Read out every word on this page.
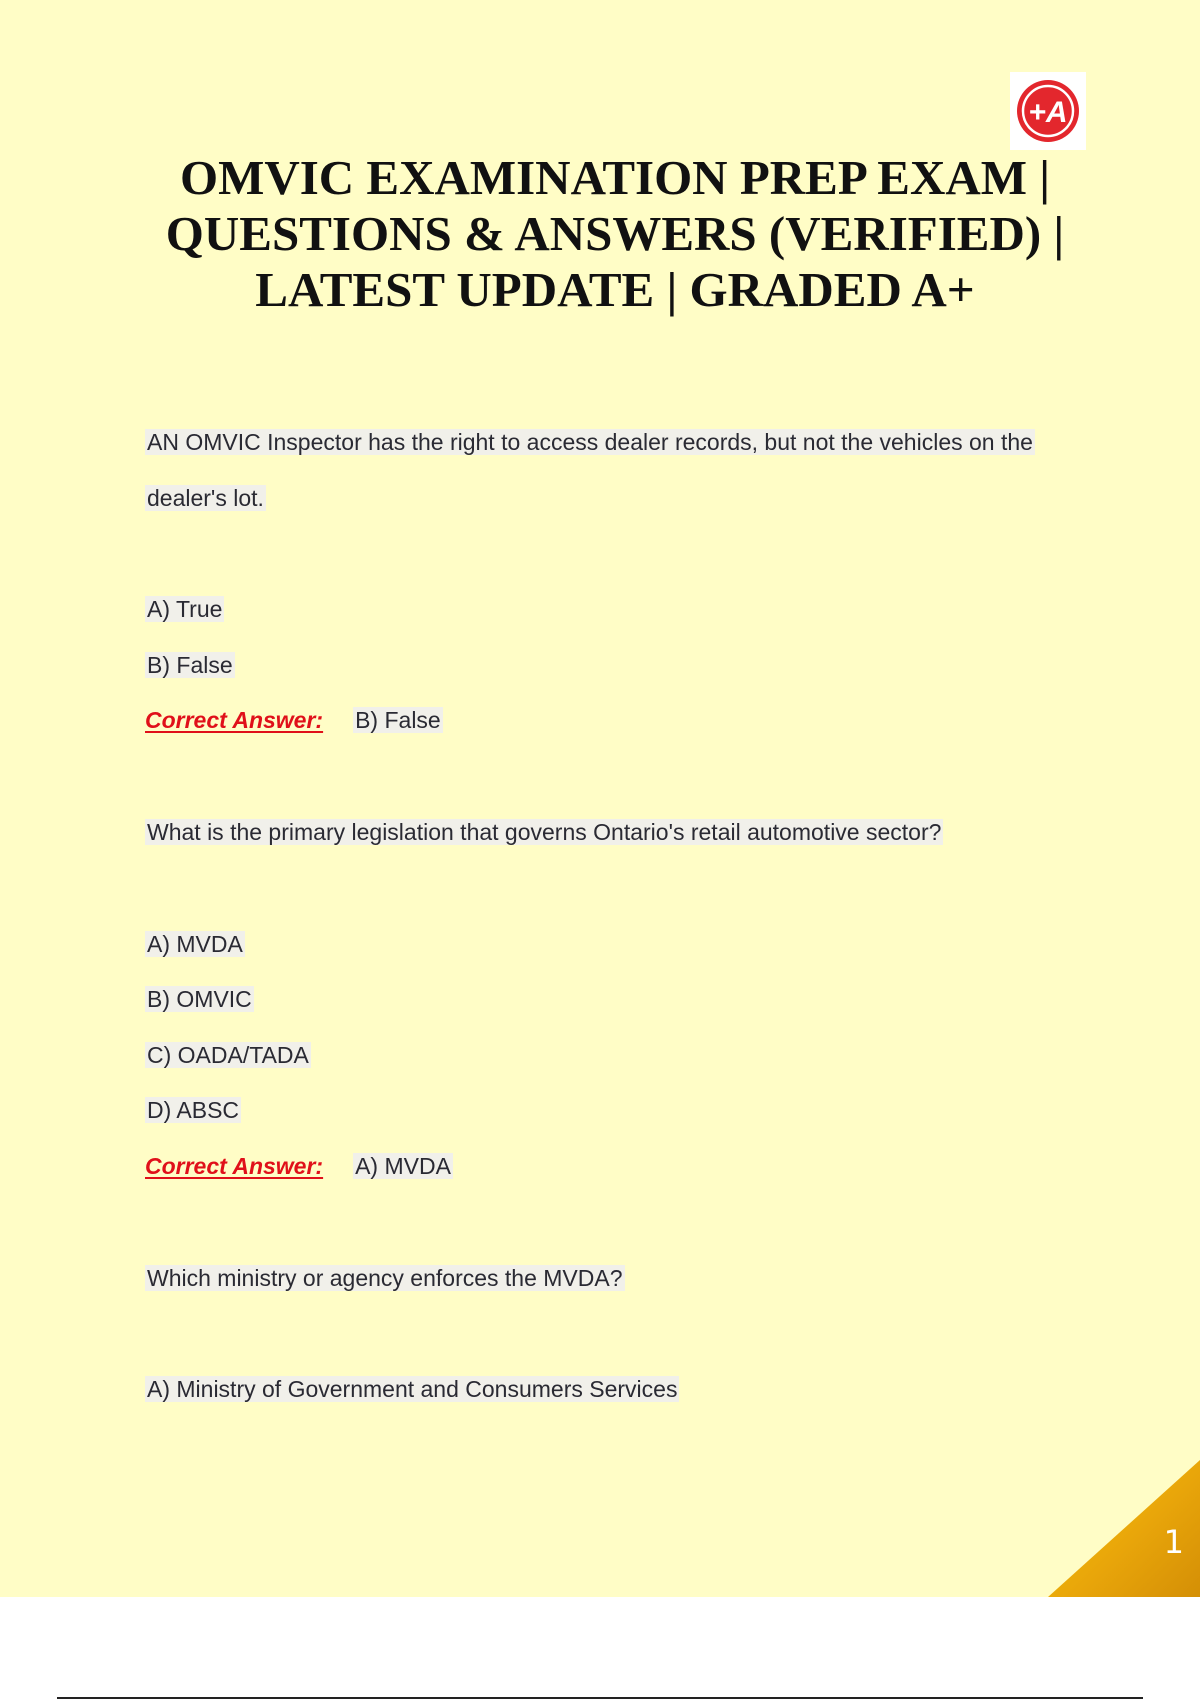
+A
OMVIC EXAMINATION PREP EXAM |
QUESTIONS & ANSWERS (VERIFIED) |
LATEST UPDATE | GRADED A+

AN OMVIC Inspector has the right to access dealer records, but not the vehicles on the

dealer's lot.

A) True

B) False

Correct Answer: B) False

What is the primary legislation that governs Ontario's retail automotive sector?

A) MVDA

B) OMVIC

C) OADA/TADA

D) ABSC

Correct Answer: A) MVDA

Which ministry or agency enforces the MVDA?

A) Ministry of Government and Consumers Services

1
